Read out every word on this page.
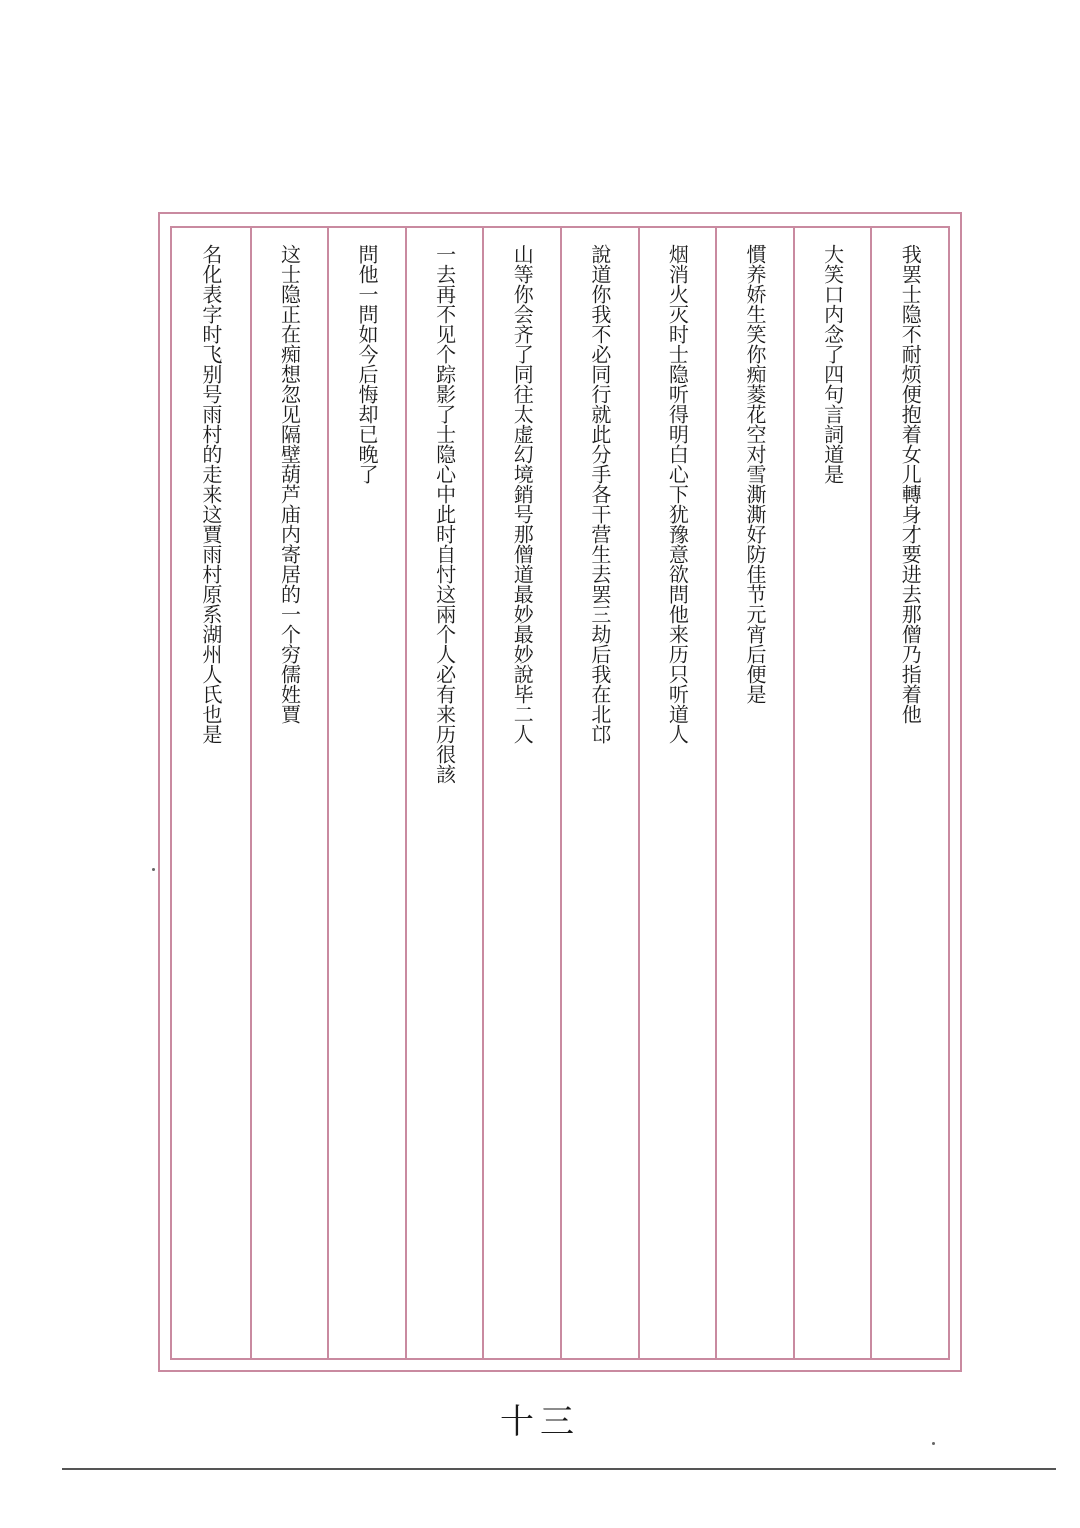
我罢士隐不耐烦便抱着女儿轉身才要进去那僧乃指着他
大笑口内念了四句言詞道是
慣养娇生笑你痴菱花空对雪澌澌好防佳节元宵后便是
烟消火灭时士隐听得明白心下犹豫意欲問他来历只听道人
說道你我不必同行就此分手各干营生去罢三劫后我在北邙
山等你会齐了同往太虚幻境銷号那僧道最妙最妙說毕二人
一去再不见个踪影了士隐心中此时自忖这兩个人必有来历很該
問他一問如今后悔却已晚了
这士隐正在痴想忽见隔壁葫芦庙内寄居的一个穷儒姓賈
名化表字时飞别号雨村的走来这賈雨村原系湖州人氏也是
十三
